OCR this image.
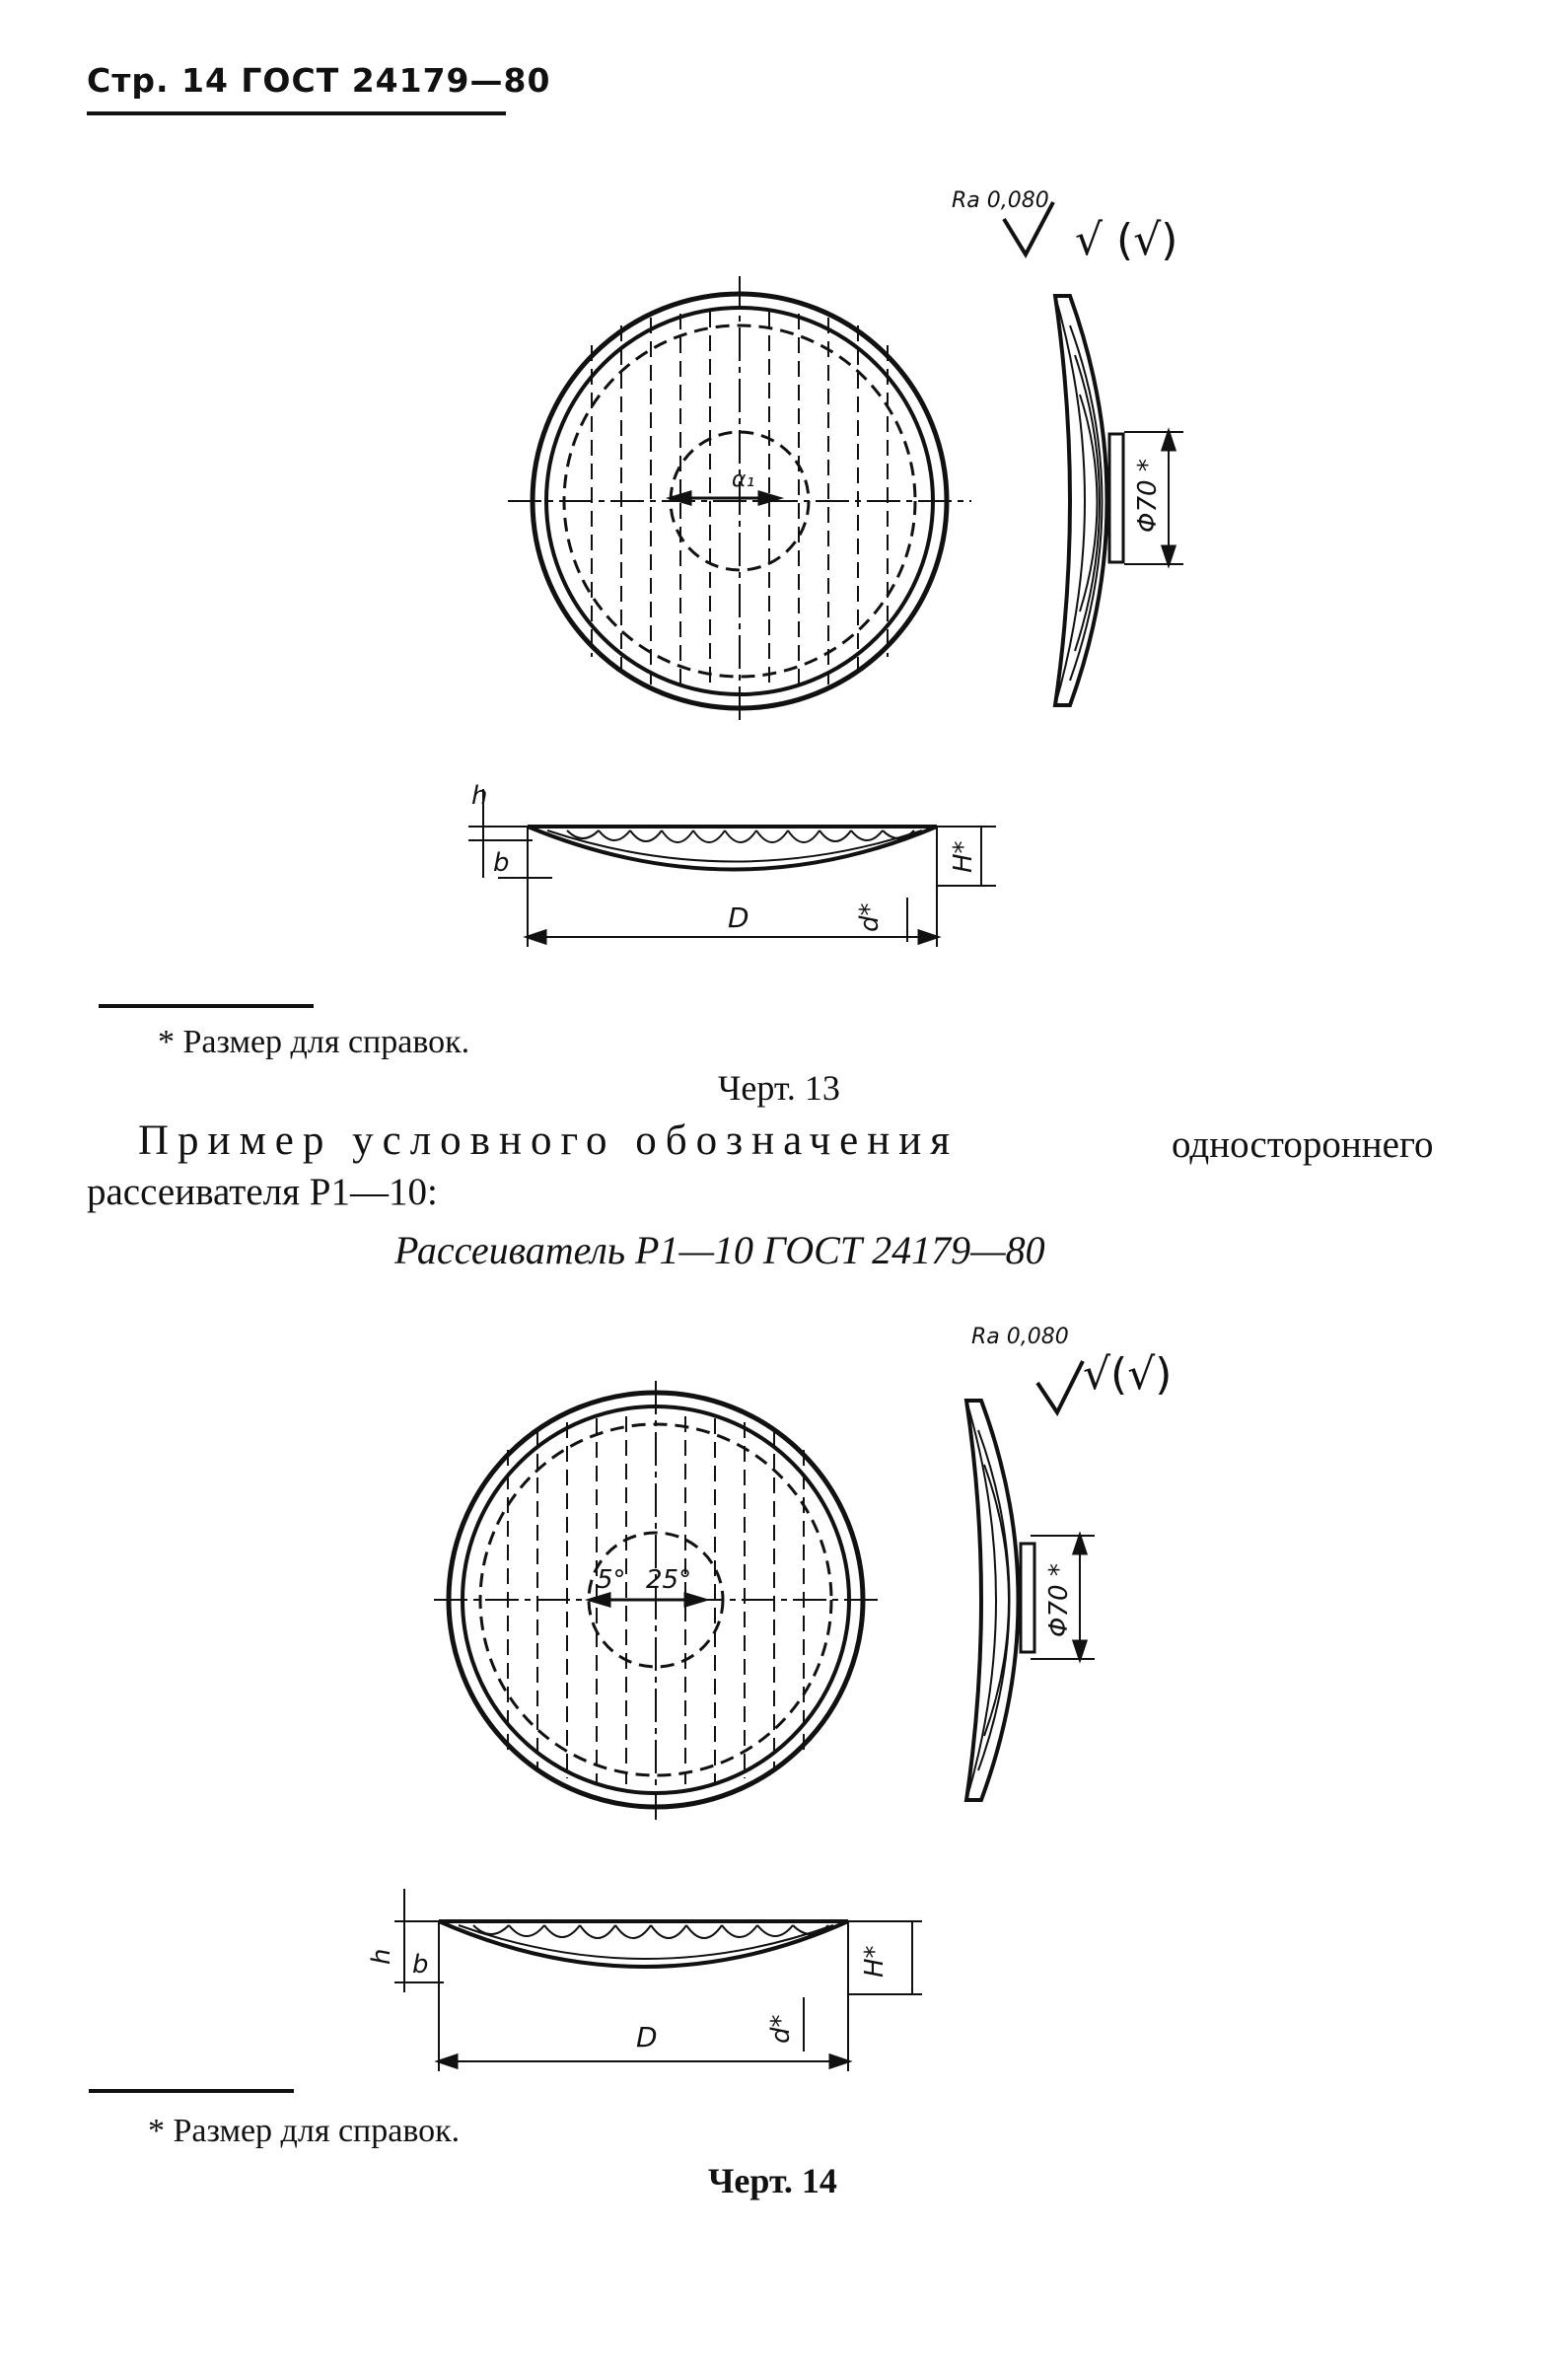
Стр. 14 ГОСТ 24179—80
Ra 0,080
√ (√)
α₁	Φ70 *
h
b
D
H*
d*
* Размер для справок.
Черт. 13
Пример условного обозначения	одностороннего
рассеивателя Р1—10:
Рассеиватель Р1—10 ГОСТ 24179—80
Ra 0,080
√(√)
5° 25°	Φ70 *
h b
D
H*
d*
* Размер для справок.
Черт. 14
